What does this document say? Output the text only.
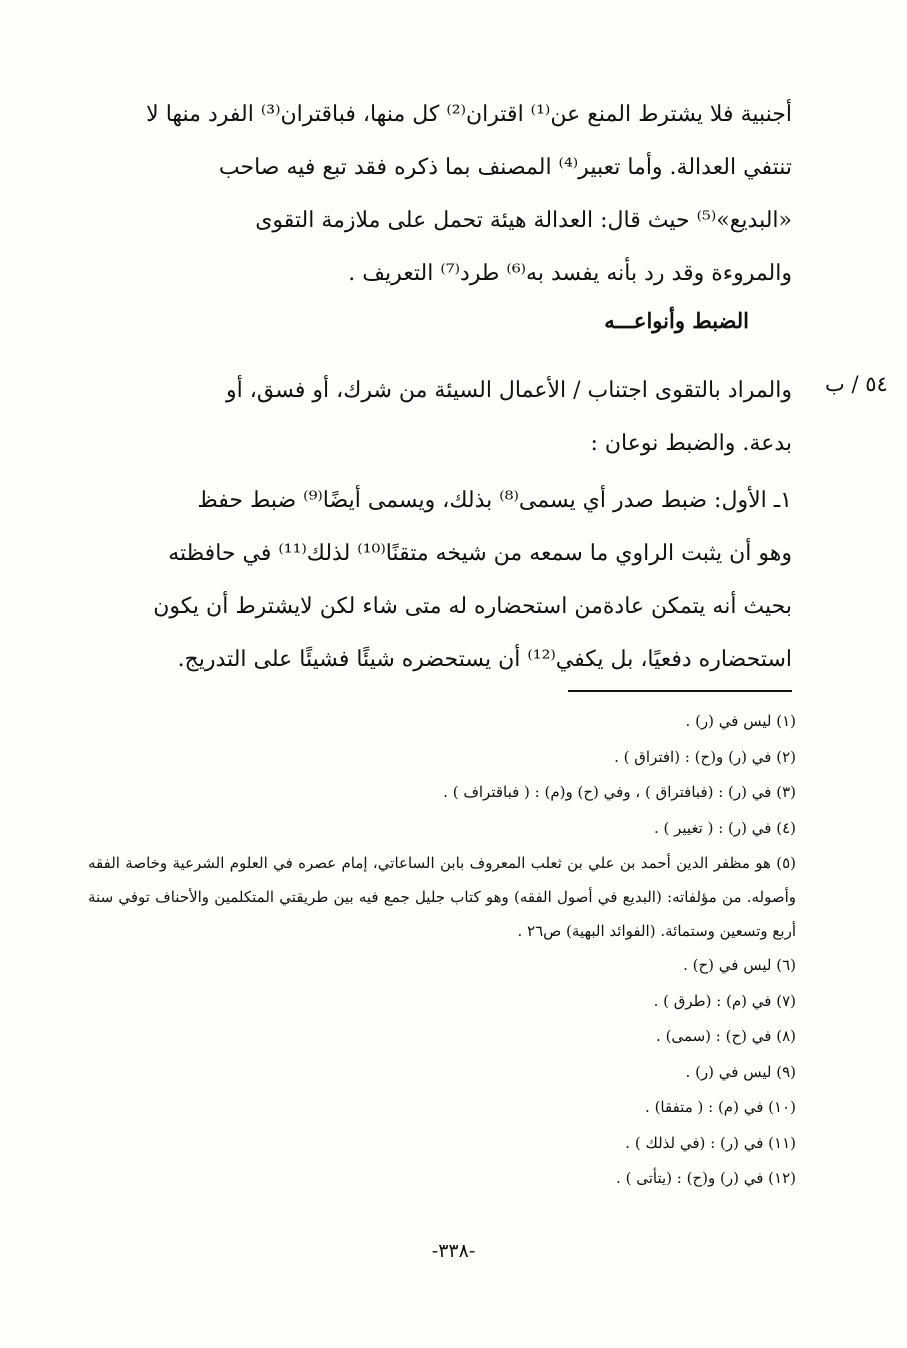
أجنبية فلا يشترط المنع عن⁽¹⁾ اقتران⁽²⁾ كل منها، فباقتران⁽³⁾ الفرد منها لا
تنتفي العدالة. وأما تعبير⁽⁴⁾ المصنف بما ذكره فقد تبع فيه صاحب
«البديع»⁽⁵⁾ حيث قال: العدالة هيئة تحمل على ملازمة التقوى
والمروءة وقد رد بأنه يفسد به⁽⁶⁾ طرد⁽⁷⁾ التعريف .
الضبط وأنواعـــه
٥٤ / ب
والمراد بالتقوى اجتناب / الأعمال السيئة من شرك، أو فسق، أو
بدعة. والضبط نوعان :
١ـ الأول: ضبط صدر أي يسمى⁽⁸⁾ بذلك، ويسمى أيضًا⁽⁹⁾ ضبط حفظ
وهو أن يثبت الراوي ما سمعه من شيخه متقنًا⁽¹⁰⁾ لذلك⁽¹¹⁾ في حافظته
بحيث أنه يتمكن عادةمن استحضاره له متى شاء لكن لايشترط أن يكون
استحضاره دفعيًا، بل يكفي⁽¹²⁾ أن يستحضره شيئًا فشيئًا على التدريج.
(١) ليس في (ر) .
(٢) في (ر) و(ح) : (افتراق ) .
(٣) في (ر) : (فبافتراق ) ، وفي (ح) و(م) : ( فباقتراف ) .
(٤) في (ر) : ( تغيير ) .
(٥) هو مظفر الدين أحمد بن علي بن ثعلب المعروف بابن الساعاتي، إمام عصره في العلوم الشرعية وخاصة الفقه وأصوله. من مؤلفاته: (البديع في أصول الفقه) وهو كتاب جليل جمع فيه بين طريقتي المتكلمين والأحناف توفي سنة أربع وتسعين وستمائة. (الفوائد البهية) ص٢٦ .
(٦) ليس في (ح) .
(٧) في (م) : (طرق ) .
(٨) في (ح) : (سمى) .
(٩) ليس في (ر) .
(١٠) في (م) : ( متفقا) .
(١١) في (ر) : (في لذلك ) .
(١٢) في (ر) و(ح) : (يتأتى ) .
-٣٣٨-
